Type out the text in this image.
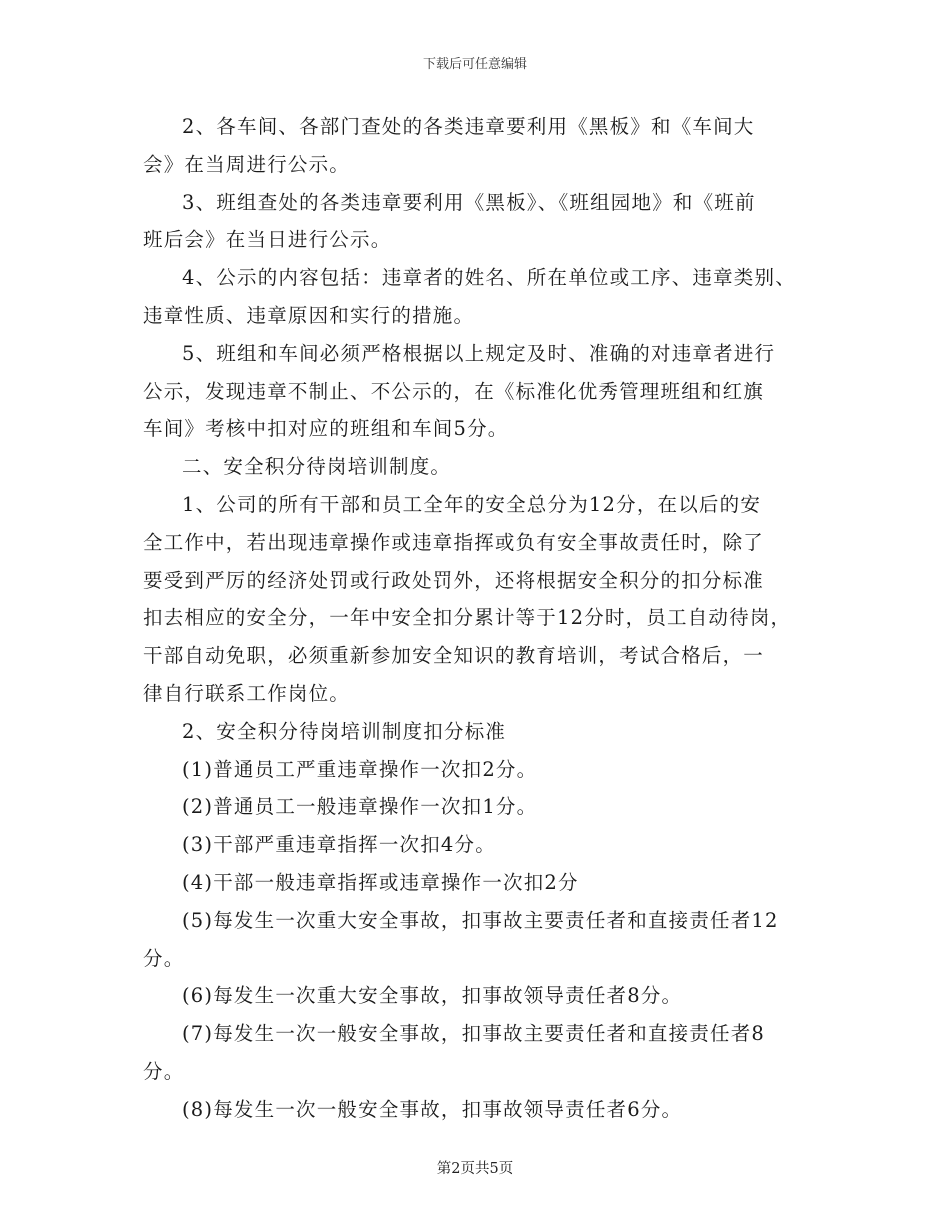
下载后可任意编辑

2、各车间、各部门查处的各类违章要利用《黑板》和《车间大
会》在当周进行公示。

3、班组查处的各类违章要利用《黑板》、《班组园地》和《班前
班后会》在当日进行公示。

4、公示的内容包括：违章者的姓名、所在单位或工序、违章类别、
违章性质、违章原因和实行的措施。

5、班组和车间必须严格根据以上规定及时、准确的对违章者进行
公示，发现违章不制止、不公示的，在《标准化优秀管理班组和红旗
车间》考核中扣对应的班组和车间5分。

二、安全积分待岗培训制度。

1、公司的所有干部和员工全年的安全总分为12分，在以后的安
全工作中，若出现违章操作或违章指挥或负有安全事故责任时，除了
要受到严厉的经济处罚或行政处罚外，还将根据安全积分的扣分标准
扣去相应的安全分，一年中安全扣分累计等于12分时，员工自动待岗，
干部自动免职，必须重新参加安全知识的教育培训，考试合格后，一
律自行联系工作岗位。

2、安全积分待岗培训制度扣分标准

(1)普通员工严重违章操作一次扣2分。

(2)普通员工一般违章操作一次扣1分。

(3)干部严重违章指挥一次扣4分。

(4)干部一般违章指挥或违章操作一次扣2分

(5)每发生一次重大安全事故，扣事故主要责任者和直接责任者12
分。

(6)每发生一次重大安全事故，扣事故领导责任者8分。

(7)每发生一次一般安全事故，扣事故主要责任者和直接责任者8
分。

(8)每发生一次一般安全事故，扣事故领导责任者6分。

第2页共5页
